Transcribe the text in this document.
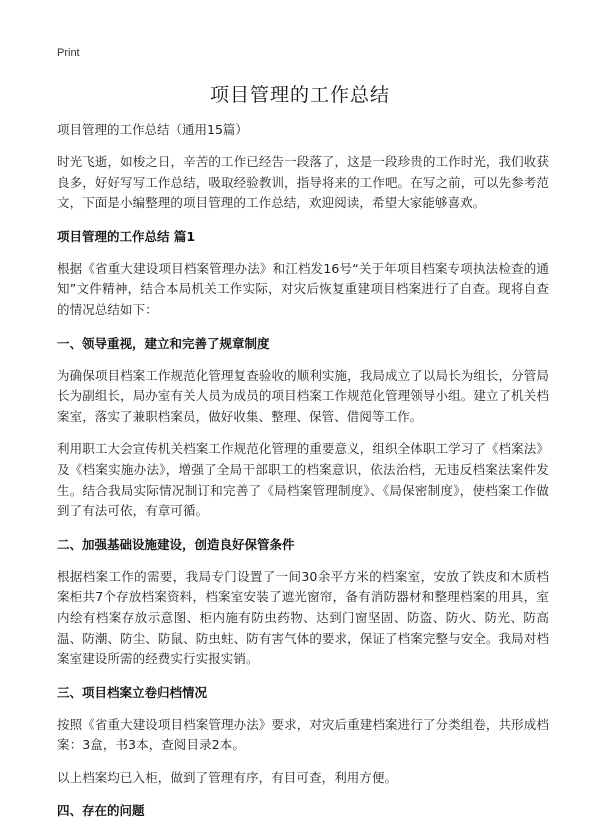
Print
项目管理的工作总结
项目管理的工作总结（通用15篇）

时光飞逝，如梭之日，辛苦的工作已经告一段落了，这是一段珍贵的工作时光，我们收获良多，好好写写工作总结，吸取经验教训，指导将来的工作吧。在写之前，可以先参考范文，下面是小编整理的项目管理的工作总结，欢迎阅读，希望大家能够喜欢。

项目管理的工作总结 篇1

根据《省重大建设项目档案管理办法》和江档发16号“关于年项目档案专项执法检查的通知”文件精神，结合本局机关工作实际，对灾后恢复重建项目档案进行了自查。现将自查的情况总结如下：

一、领导重视，建立和完善了规章制度

为确保项目档案工作规范化管理复查验收的顺利实施，我局成立了以局长为组长，分管局长为副组长，局办室有关人员为成员的项目档案工作规范化管理领导小组。建立了机关档案室，落实了兼职档案员，做好收集、整理、保管、借阅等工作。

利用职工大会宣传机关档案工作规范化管理的重要意义，组织全体职工学习了《档案法》及《档案实施办法》，增强了全局干部职工的档案意识，依法治档，无违反档案法案件发生。结合我局实际情况制订和完善了《局档案管理制度》、《局保密制度》，使档案工作做到了有法可依，有章可循。

二、加强基础设施建设，创造良好保管条件

根据档案工作的需要，我局专门设置了一间30余平方米的档案室，安放了铁皮和木质档案柜共7个存放档案资料，档案室安装了遮光窗帘，备有消防器材和整理档案的用具，室内绘有档案存放示意图、柜内施有防虫药物、达到门窗坚固、防盗、防火、防光、防高温、防潮、防尘、防鼠、防虫蛀、防有害气体的要求，保证了档案完整与安全。我局对档案室建设所需的经费实行实报实销。

三、项目档案立卷归档情况

按照《省重大建设项目档案管理办法》要求，对灾后重建档案进行了分类组卷，共形成档案：3盒，书3本，查阅目录2本。

以上档案均已入柜，做到了管理有序，有目可查，利用方便。

四、存在的问题
